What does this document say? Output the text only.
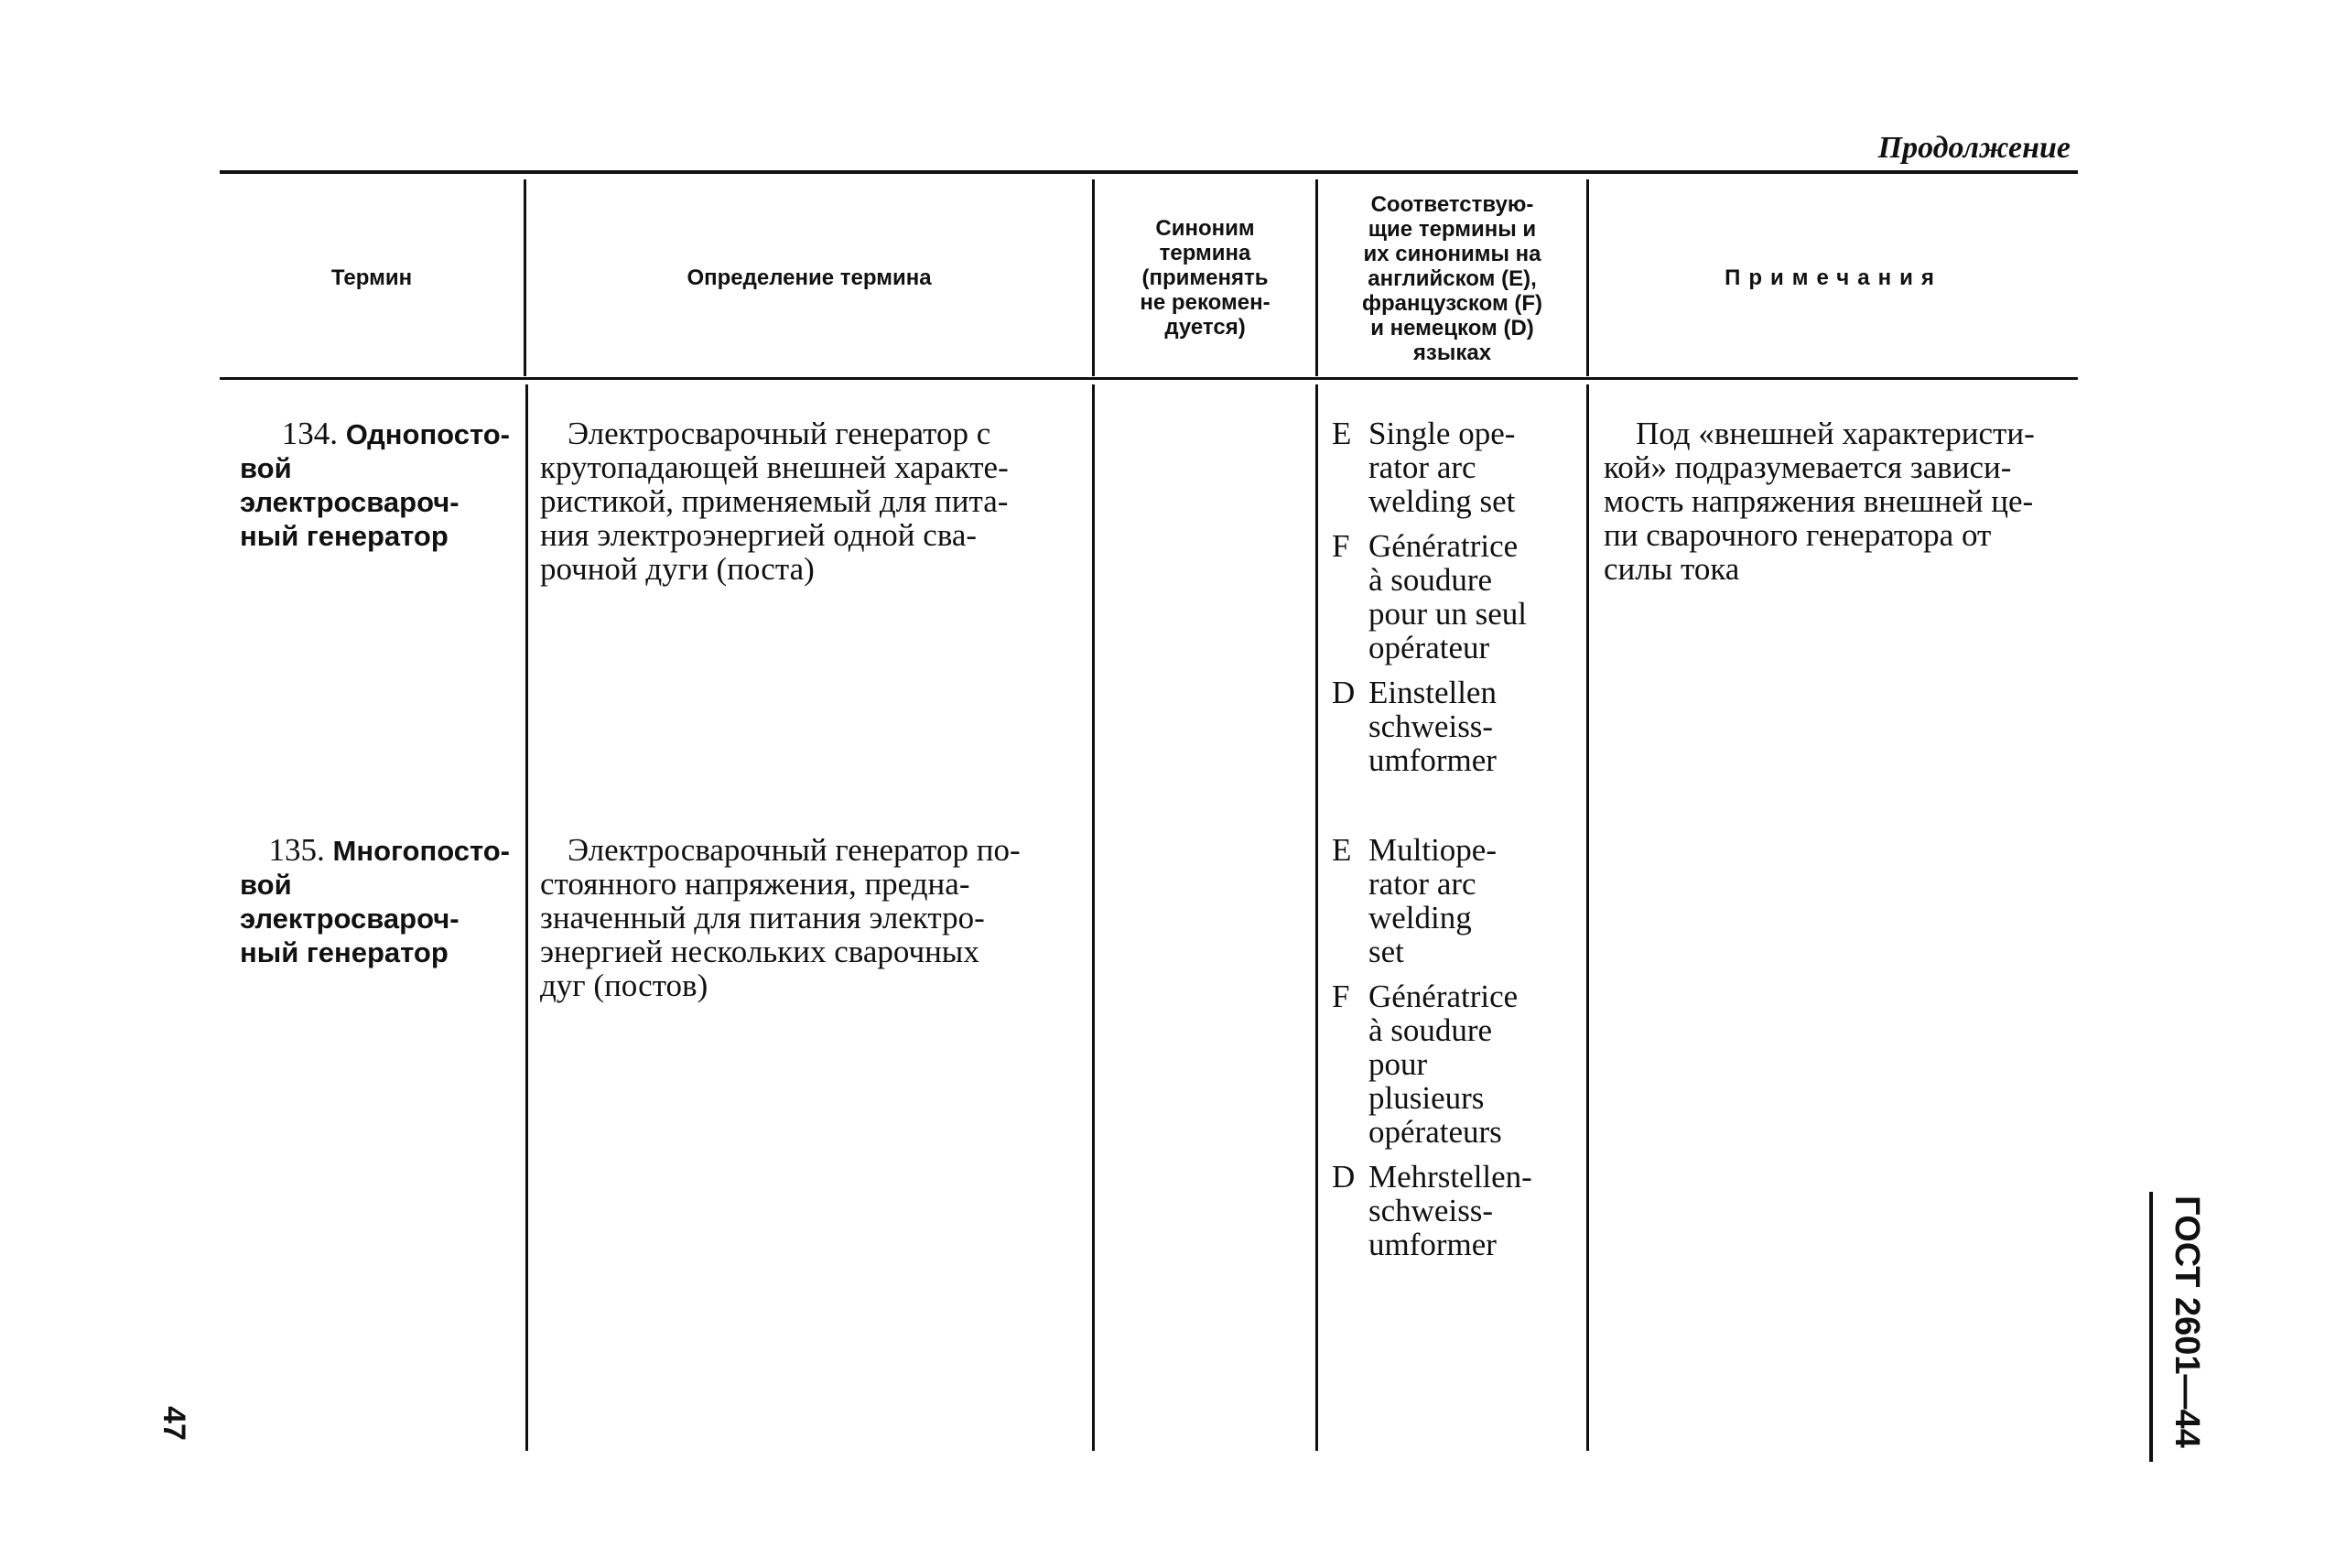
Продолжение
Термин	Определение термина
Синоним
термина
(применять
не рекомен-
дуется)
Соответствую-
щие термины и
их синонимы на
английском (Е),
французском (F)
и немецком (D)
языках
Примечания
134. Однопосто-
вой электросвароч-
ный генератор
Электросварочный генератор с
крутопадающей внешней характе-
ристикой, применяемый для пита-
ния электроэнергией одной сва-
рочной дуги (поста)
E Single ope-
rator arc
welding set
F Génératrice
à soudure
pour un seul
opérateur
D Einstellen
schweiss-
umformer
Под «внешней характеристи-
кой» подразумевается зависи-
мость напряжения внешней це-
пи сварочного генератора от
силы тока
135. Многопосто-
вой электросвароч-
ный генератор
Электросварочный генератор по-
стоянного напряжения, предна-
значенный для питания электро-
энергией нескольких сварочных
дуг (постов)
E Multiope-
rator arc
welding
set
F Génératrice
à soudure
pour
plusieurs
opérateurs
D Mehrstellen-
schweiss-
umformer
47	ГОСТ 2601—44
